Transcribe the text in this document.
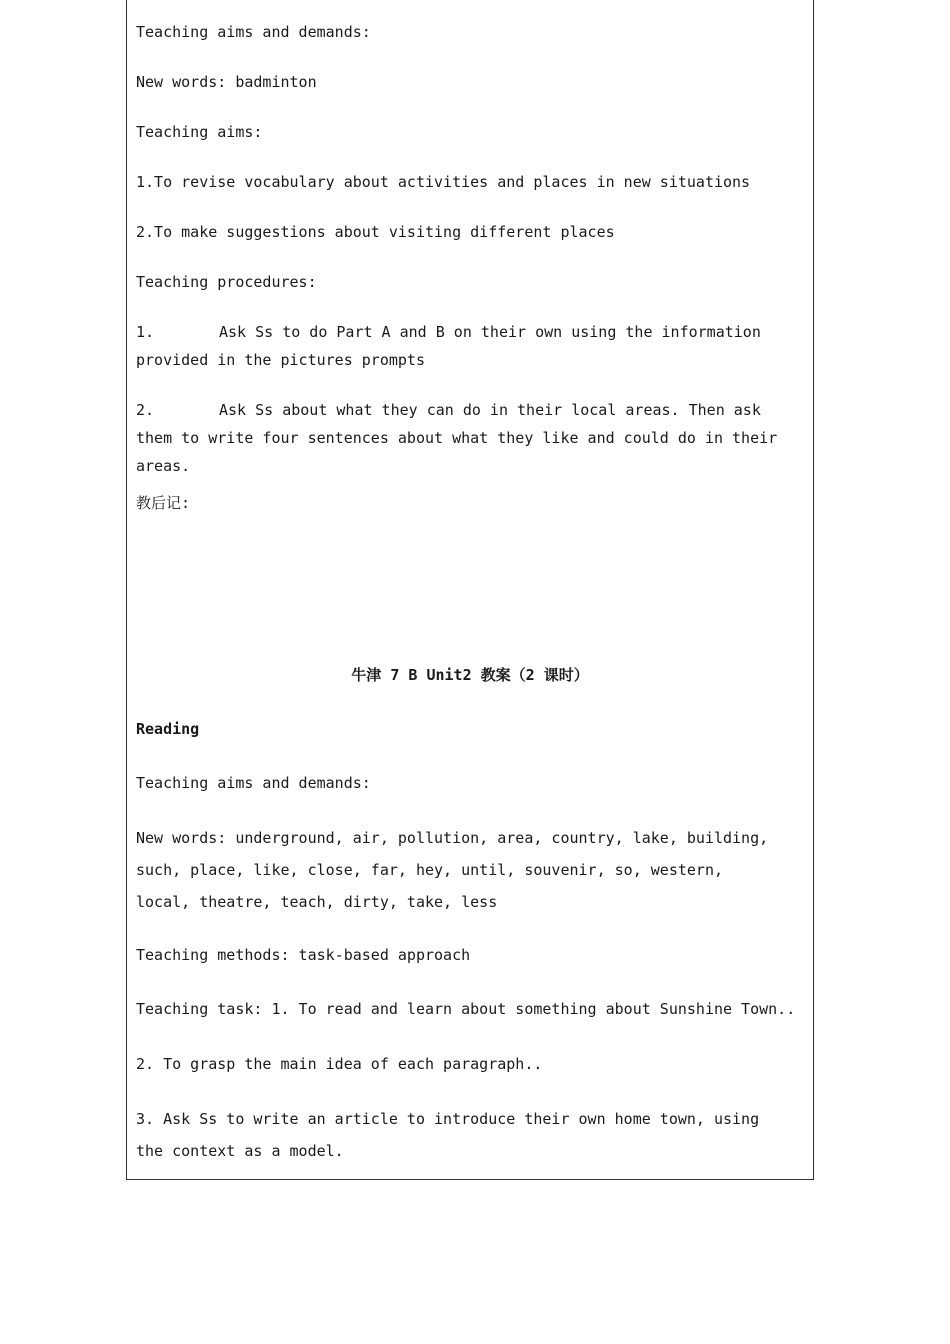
Teaching aims and demands:
New words: badminton
Teaching aims:
1.To revise vocabulary about activities and places in new situations
2.To make suggestions about visiting different places
Teaching procedures:
1.	Ask Ss to do Part A and B on their own using the information provided in the pictures prompts
2.	Ask Ss about what they can do in their local areas. Then ask them to write four sentences about what they like and could do in their areas.
教后记:
牛津 7 B Unit2 教案（2 课时）
Reading
Teaching aims and demands:
New words: underground, air, pollution, area, country, lake, building, such, place, like, close, far, hey, until, souvenir, so, western, local, theatre, teach, dirty, take, less
Teaching methods: task-based approach
Teaching task: 1. To read and learn about something about Sunshine Town..
2. To grasp the main idea of each paragraph..
3. Ask Ss to write an article to introduce their own home town, using the context as a model.
